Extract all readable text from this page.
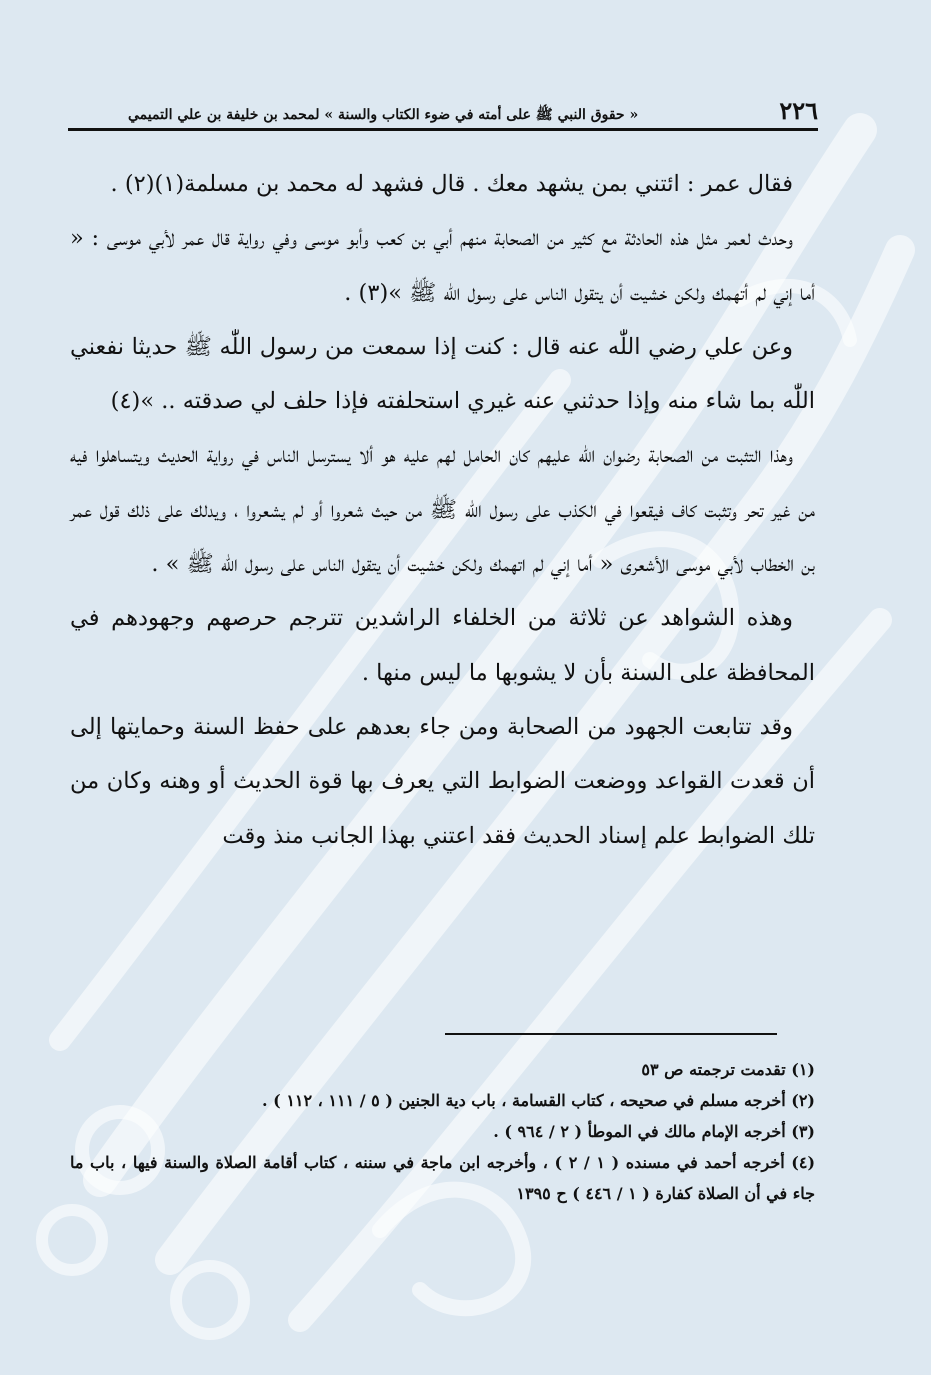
٢٢٦
« حقوق النبي ﷺ على أمته في ضوء الكتاب والسنة » لمحمد بن خليفة بن علي التميمي

فقال عمر : ائتني بمن يشهد معك . قال فشهد له محمد بن مسلمة(١)(٢) .

وحدث لعمر مثل هذه الحادثة مع كثير من الصحابة منهم أبي بن كعب وأبو موسى وفي رواية قال عمر لأبي موسى : « أما إني لم أتهمك ولكن خشيت أن يتقول الناس على رسول اللّٰه ﷺ »(٣) .

وعن علي رضي اللّٰه عنه قال : كنت إذا سمعت من رسول اللّٰه ﷺ حديثا نفعني اللّٰه بما شاء منه وإذا حدثني عنه غيري استحلفته فإذا حلف لي صدقته .. »(٤)

وهذا التثبت من الصحابة رضوان اللّٰه عليهم كان الحامل لهم عليه هو ألا يسترسل الناس في رواية الحديث ويتساهلوا فيه من غير تحر وتثبت كاف فيقعوا في الكذب على رسول اللّٰه ﷺ من حيث شعروا أو لم يشعروا ، ويدلك على ذلك قول عمر بن الخطاب لأبي موسى الأشعرى « أما إني لم اتهمك ولكن خشيت أن يتقول الناس على رسول اللّٰه ﷺ » .

وهذه الشواهد عن ثلاثة من الخلفاء الراشدين تترجم حرصهم وجهودهم في المحافظة على السنة بأن لا يشوبها ما ليس منها .

وقد تتابعت الجهود من الصحابة ومن جاء بعدهم على حفظ السنة وحمايتها إلى أن قعدت القواعد ووضعت الضوابط التي يعرف بها قوة الحديث أو وهنه وكان من تلك الضوابط علم إسناد الحديث فقد اعتني بهذا الجانب منذ وقت

(١) تقدمت ترجمته ص ٥٣

(٢) أخرجه مسلم في صحيحه ، كتاب القسامة ، باب دية الجنين ( ٥ / ١١١ ، ١١٢ ) .

(٣) أخرجه الإمام مالك في الموطأ ( ٢ / ٩٦٤ ) .

(٤) أخرجه أحمد في مسنده ( ١ / ٢ ) ، وأخرجه ابن ماجة في سننه ، كتاب أقامة الصلاة والسنة فيها ، باب ما جاء في أن الصلاة كفارة ( ١ / ٤٤٦ ) ح ١٣٩٥
